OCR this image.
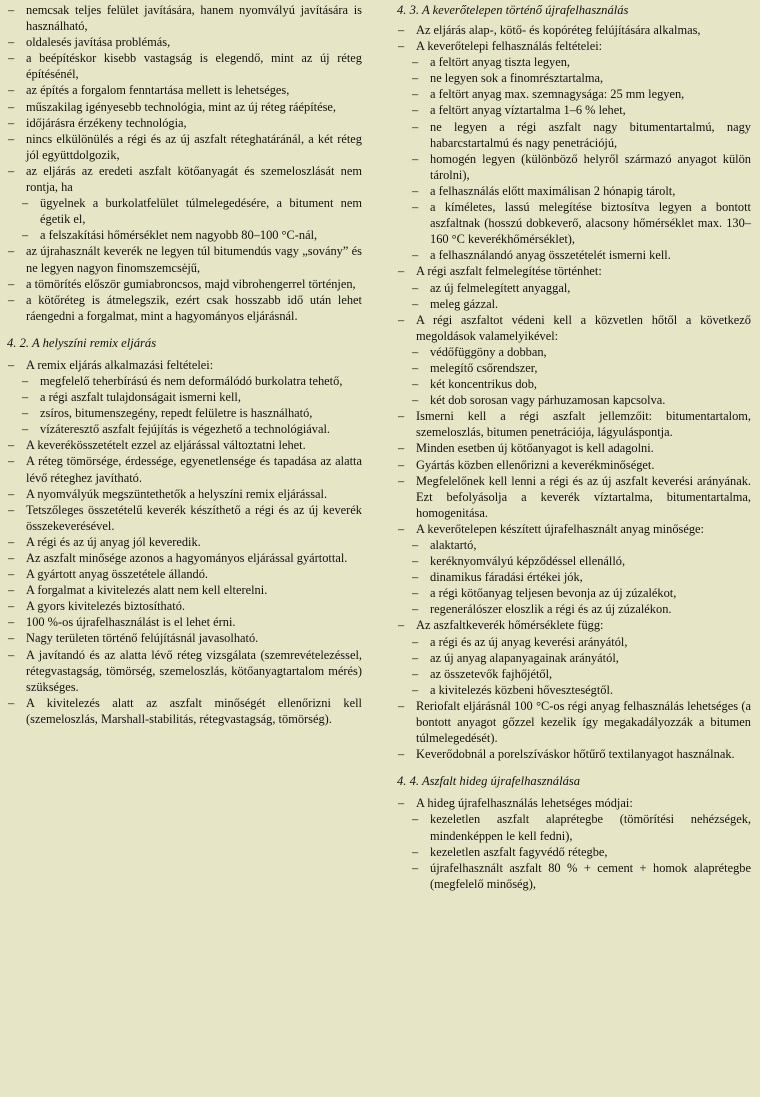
– nemcsak teljes felület javítására, hanem nyomvályú javítására is használható,
– oldalesés javítása problémás,
– a beépítéskor kisebb vastagság is elegendő, mint az új réteg építésénél,
– az építés a forgalom fenntartása mellett is lehetséges,
– műszakilag igényesebb technológia, mint az új réteg ráépítése,
– időjárásra érzékeny technológia,
– nincs elkülönülés a régi és az új aszfalt réteghatáránál, a két réteg jól együttdolgozik,
– az eljárás az eredeti aszfalt kötőanyagát és szemeloszlását nem rontja, ha
– ügyelnek a burkolatfelület túlmelegedésére, a bitument nem égetik el,
– a felszakítási hőmérséklet nem nagyobb 80–100 °C-nál,
– az újrahasznált keverék ne legyen túl bitumendús vagy „sovány” és ne legyen nagyon finomszemcsėjű,
– a tömörítés először gumiabroncsos, majd vibrohengerrel történjen,
– a kötőréteg is átmelegszik, ezért csak hosszabb idő után lehet ráengedni a forgalmat, mint a hagyományos eljárásnál.
4. 2. A helyszíni remix eljárás
– A remix eljárás alkalmazási feltételei:
– megfelelő teherbírású és nem deformálódó burkolatra tehető,
– a régi aszfalt tulajdonságait ismerni kell,
– zsíros, bitumenszegény, repedt felületre is használható,
– vízáteresztő aszfalt fejújítás is végezhető a technológiával.
– A keverékösszetételt ezzel az eljárással változtatni lehet.
– A réteg tömörsége, érdessége, egyenetlensége és tapadása az alatta lévő réteghez javítható.
– A nyomvályúk megszüntethetők a helyszíni remix eljárással.
– Tetszőleges összetételű keverék készíthető a régi és az új keverék összekeverésével.
– A régi és az új anyag jól keveredik.
– Az aszfalt minősége azonos a hagyományos eljárással gyártottal.
– A gyártott anyag összetétele állandó.
– A forgalmat a kivitelezés alatt nem kell elterelni.
– A gyors kivitelezés biztosítható.
– 100 %-os újrafelhasználást is el lehet érni.
– Nagy területen történő felújításnál javasolható.
– A javítandó és az alatta lévő réteg vizsgálata (szemrevételezéssel, rétegvastagság, tömörség, szemeloszlás, kötőanyagtartalom mérés) szükséges.
– A kivitelezés alatt az aszfalt minőségét ellenőrizni kell (szemeloszlás, Marshall-stabilitás, rétegvastagság, tömörség).
4. 3. A keverőtelepen történő újrafelhasználás
– Az eljárás alap-, kötő- és kopóréteg felújítására alkalmas,
– A keverőtelepi felhasználás feltételei:
– a feltört anyag tiszta legyen,
– ne legyen sok a finomrésztartalma,
– a feltört anyag max. szemnagysága: 25 mm legyen,
– a feltört anyag víztartalma 1–6 % lehet,
– ne legyen a régi aszfalt nagy bitumentartalmú, nagy habarcstartalmú és nagy penetrációjú,
– homogén legyen (különböző helyről származó anyagot külön tárolni),
– a felhasználás előtt maximálisan 2 hónapig tárolt,
– a kíméletes, lassú melegítése biztosítva legyen a bontott aszfaltnak (hosszú dobkeverő, alacsony hőmérséklet max. 130–160 °C keverékhőmérséklet),
– a felhasználandó anyag összetételét ismerni kell.
– A régi aszfalt felmelegítése történhet:
– az új felmelegített anyaggal,
– meleg gázzal.
– A régi aszfaltot védeni kell a közvetlen hőtől a következő megoldások valamelyikével:
– védőfüggöny a dobban,
– melegítő csőrendszer,
– két koncentrikus dob,
– két dob sorosan vagy párhuzamosan kapcsolva.
– Ismerni kell a régi aszfalt jellemzőit: bitumentartalom, szemeloszlás, bitumen penetrációja, lágyuláspontja.
– Minden esetben új kötőanyagot is kell adagolni.
– Gyártás közben ellenőrizni a keverékminőséget.
– Megfelelőnek kell lenni a régi és az új aszfalt keverési arányának. Ezt befolyásolja a keverék víztartalma, bitumentartalma, homogenitása.
– A keverőtelepen készített újrafelhasznált anyag minősége:
– alaktartó,
– keréknyomvályú képződéssel ellenálló,
– dinamikus fáradási értékei jók,
– a régi kötőanyag teljesen bevonja az új zúzalékot,
– regenerálószer eloszlik a régi és az új zúzalékon.
– Az aszfaltkeverék hőmérséklete függ:
– a régi és az új anyag keverési arányától,
– az új anyag alapanyagainak arányától,
– az összetevők fajhőjétől,
– a kivitelezés közbeni hőveszteségtől.
– Reriofalt eljárásnál 100 °C-os régi anyag felhasználás lehetséges (a bontott anyagot gőzzel kezelik így megakadályozzák a bitumen túlmelegedését).
– Keverődobnál a porelszíváskor hőtűrő textilanyagot használnak.
4. 4. Aszfalt hideg újrafelhasználása
– A hideg újrafelhasználás lehetséges módjai:
– kezeletlen aszfalt alaprétegbe (tömörítési nehézségek, mindenképpen le kell fedni),
– kezeletlen aszfalt fagyvédő rétegbe,
– újrafelhasznált aszfalt 80 % + cement + homok alaprétegbe (megfelelő minőség),
